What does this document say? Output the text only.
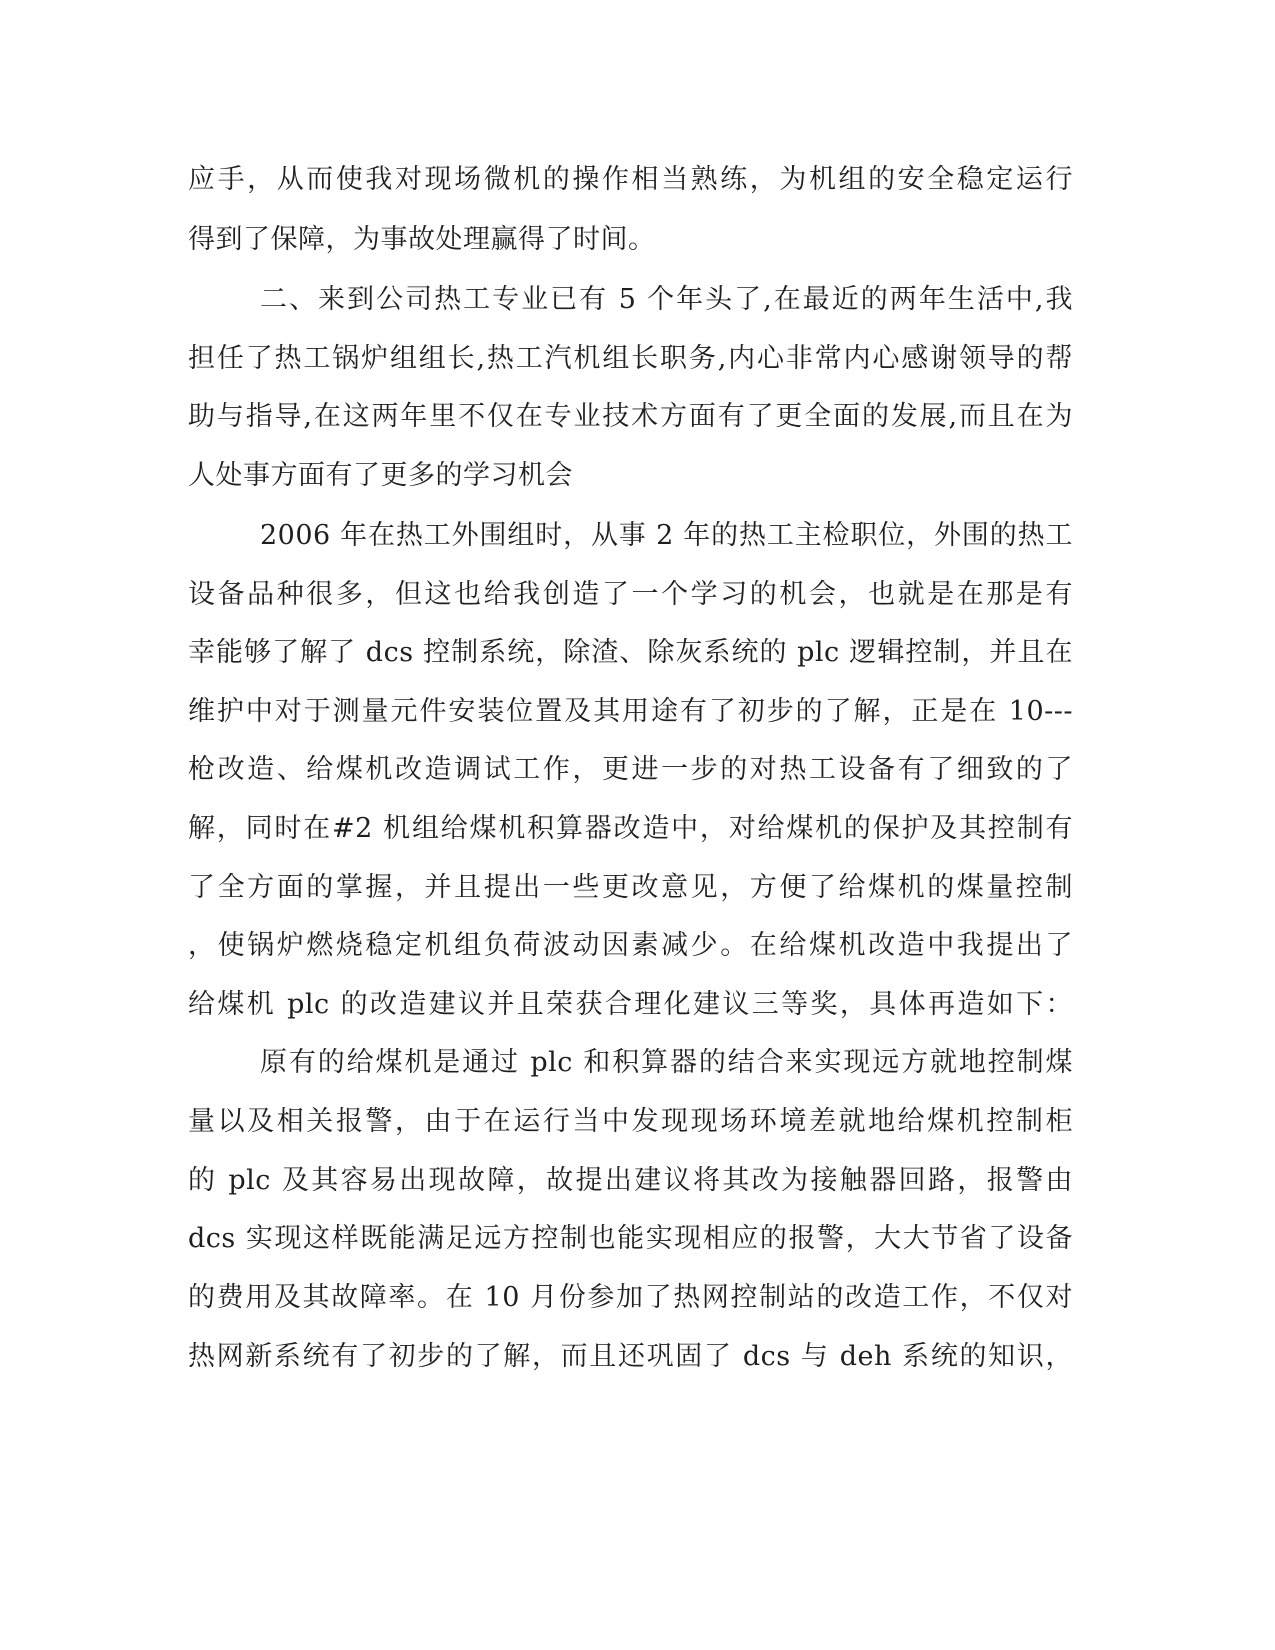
应手，从而使我对现场微机的操作相当熟练，为机组的安全稳定运行
得到了保障，为事故处理赢得了时间。
二、来到公司热工专业已有 5 个年头了,在最近的两年生活中,我
担任了热工锅炉组组长,热工汽机组长职务,内心非常内心感谢领导的帮
助与指导,在这两年里不仅在专业技术方面有了更全面的发展,而且在为
人处事方面有了更多的学习机会
2006 年在热工外围组时，从事 2 年的热工主检职位，外围的热工
设备品种很多，但这也给我创造了一个学习的机会，也就是在那是有
幸能够了解了 dcs 控制系统，除渣、除灰系统的 plc 逻辑控制，并且在
维护中对于测量元件安装位置及其用途有了初步的了解，正是在 10---
枪改造、给煤机改造调试工作，更进一步的对热工设备有了细致的了
解，同时在#2 机组给煤机积算器改造中，对给煤机的保护及其控制有
了全方面的掌握，并且提出一些更改意见，方便了给煤机的煤量控制
，使锅炉燃烧稳定机组负荷波动因素减少。在给煤机改造中我提出了
给煤机 plc 的改造建议并且荣获合理化建议三等奖，具体再造如下：
原有的给煤机是通过 plc 和积算器的结合来实现远方就地控制煤
量以及相关报警，由于在运行当中发现现场环境差就地给煤机控制柜
的 plc 及其容易出现故障，故提出建议将其改为接触器回路，报警由
dcs 实现这样既能满足远方控制也能实现相应的报警，大大节省了设备
的费用及其故障率。在 10 月份参加了热网控制站的改造工作，不仅对
热网新系统有了初步的了解，而且还巩固了 dcs 与 deh 系统的知识，
